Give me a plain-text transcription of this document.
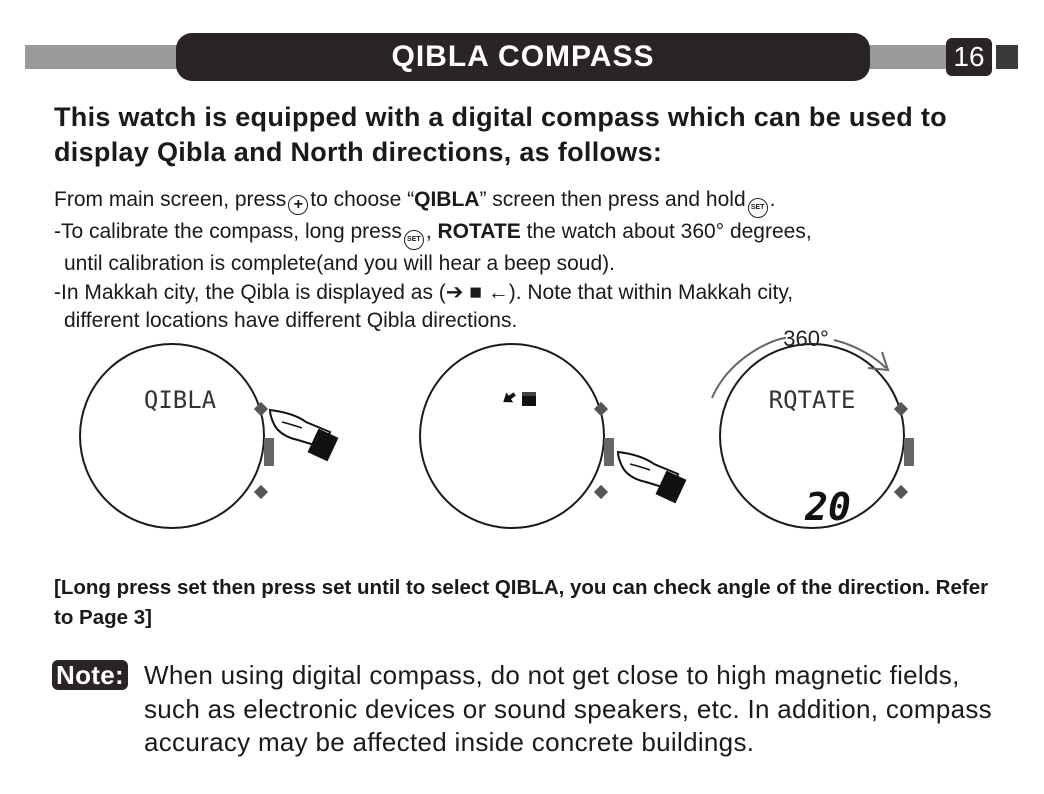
QIBLA COMPASS	16
This watch is equipped with a digital compass which can be used to display Qibla and North directions, as follows:
From main screen, press + to choose “QIBLA” screen then press and hold SET .
-To calibrate the compass, long press SET , ROTATE the watch about 360° degrees,
until calibration is complete(and you will hear a beep soud).
-In Makkah city, the Qibla is displayed as (➔ ■ ←). Note that within Makkah city,
different locations have different Qibla directions.
QIBLA	RQTATE
20
360°
[Long press set then press set until to select QIBLA, you can check angle of the direction. Refer to Page 3]
Note: When using digital compass, do not get close to high magnetic fields, such as electronic devices or sound speakers, etc. In addition, compass accuracy may be affected inside concrete buildings.
